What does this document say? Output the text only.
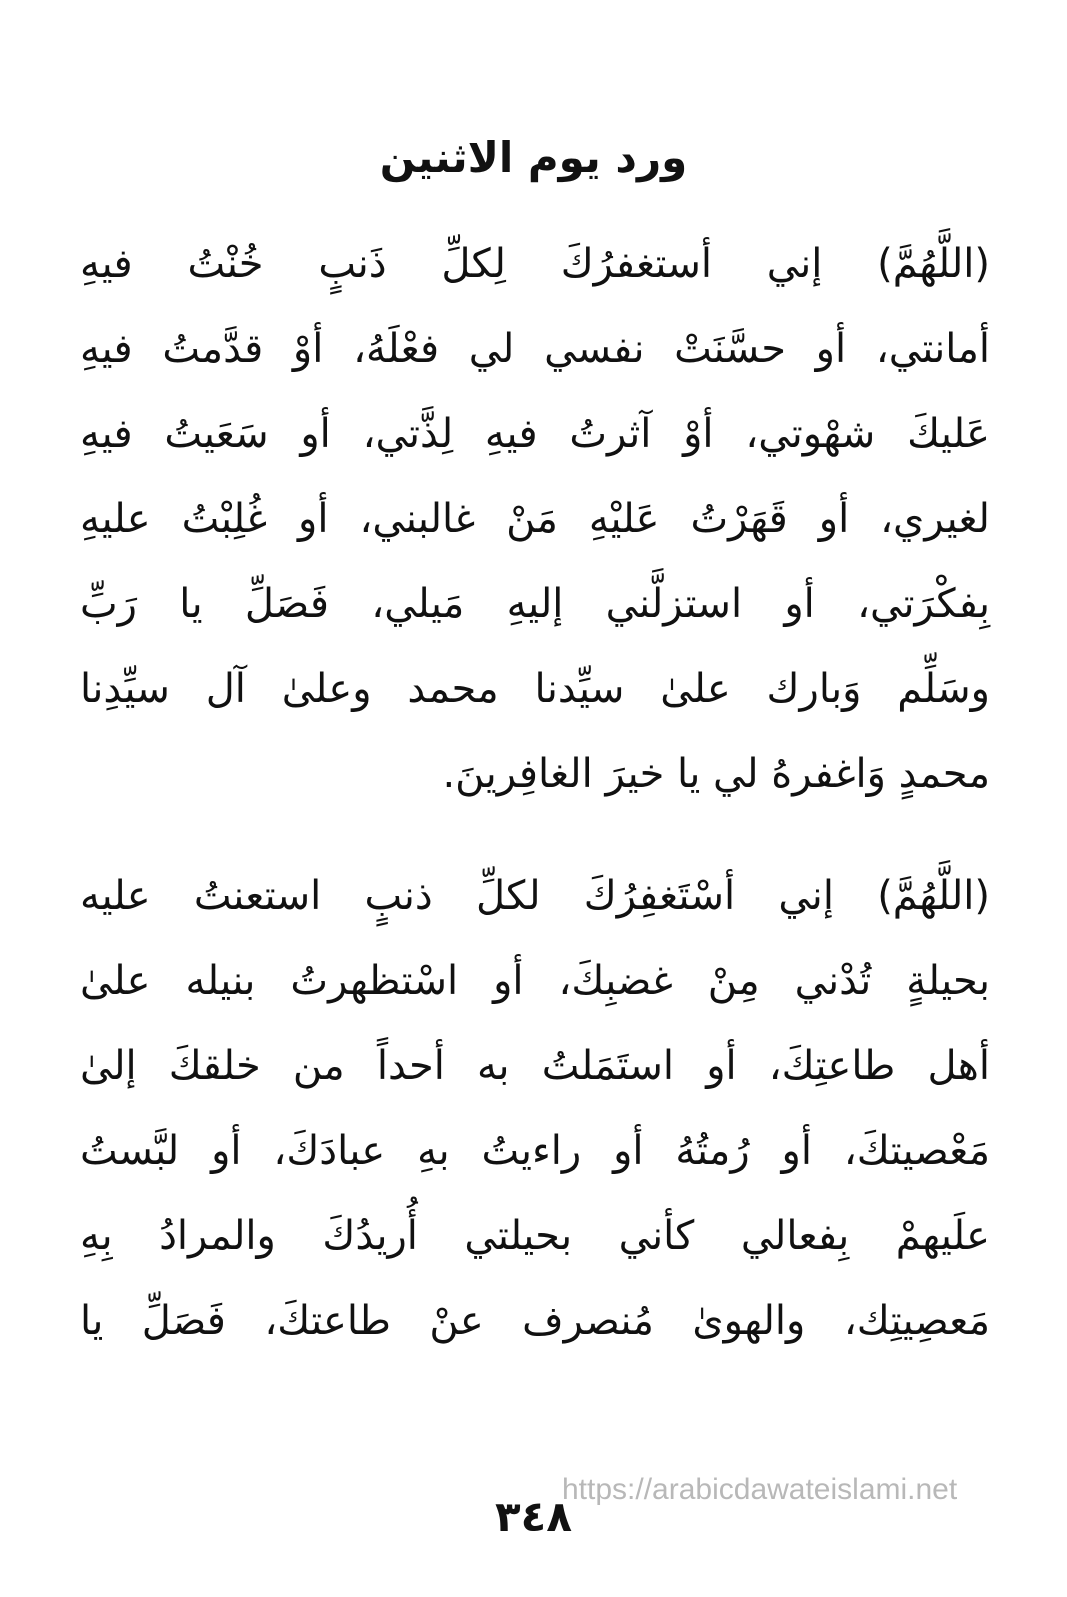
ورد يوم الاثنين
(اللَّهُمَّ) إني أستغفرُكَ لِكلِّ ذَنبٍ خُنْتُ فيهِ
أمانتي، أو حسَّنَتْ نفسي لي فعْلَهُ، أوْ قدَّمتُ فيهِ
عَليكَ شهْوتي، أوْ آثرتُ فيهِ لِذَّتي، أو سَعَيتُ فيهِ
لغيري، أو قَهَرْتُ عَليْهِ مَنْ غالبني، أو غُلِبْتُ عليهِ
بِفكْرَتي، أو استزلَّني إليهِ مَيلي، فَصَلِّ يا رَبِّ
وسَلِّم وَبارك علىٰ سيِّدنا محمد وعلىٰ آل سيِّدِنا
محمدٍ وَاغفرهُ لي يا خيرَ الغافِرينَ.
(اللَّهُمَّ) إني أسْتَغفِرُكَ لكلِّ ذنبٍ استعنتُ عليه
بحيلةٍ تُدْني مِنْ غضبِكَ، أو اسْتظهرتُ بنيله علىٰ
أهل طاعتِكَ، أو استَمَلتُ به أحداً من خلقكَ إلىٰ
مَعْصيتكَ، أو رُمتُهُ أو راءيتُ بهِ عبادَكَ، أو لبَّستُ
علَيهمْ بِفعالي كأني بحيلتي أُريدُكَ والمرادُ بِهِ
مَعصِيتِك، والهوىٰ مُنصرف عنْ طاعتكَ، فَصَلِّ يا
٣٤٨
https://arabicdawateislami.net
